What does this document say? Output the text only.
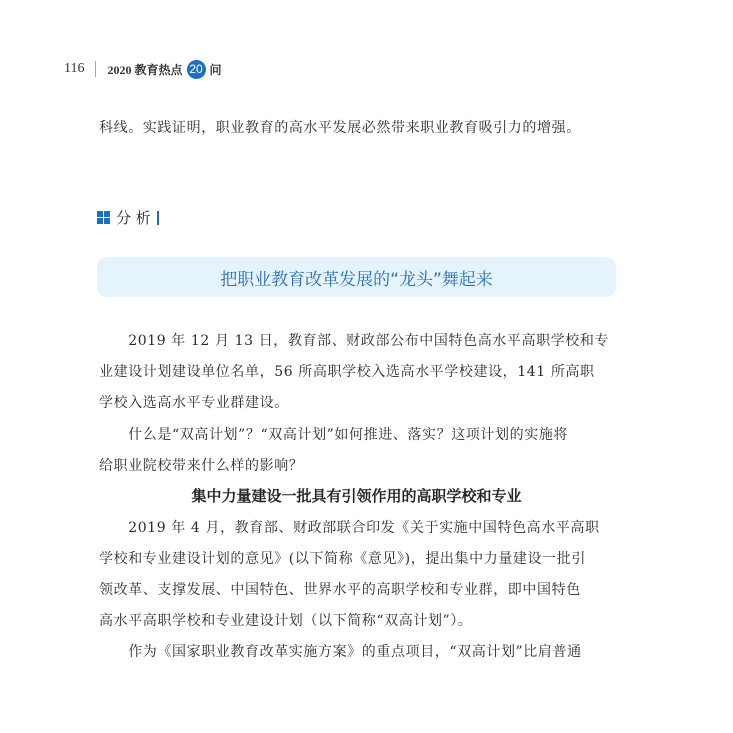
116 2020 教育热点 20 问
科线。实践证明，职业教育的高水平发展必然带来职业教育吸引力的增强。
分 析
把职业教育改革发展的“龙头”舞起来
　　2019 年 12 月 13 日，教育部、财政部公布中国特色高水平高职学校和专
业建设计划建设单位名单，56 所高职学校入选高水平学校建设，141 所高职
学校入选高水平专业群建设。
　　什么是“双高计划”？“双高计划”如何推进、落实？这项计划的实施将
给职业院校带来什么样的影响？
集中力量建设一批具有引领作用的高职学校和专业
　　2019 年 4 月，教育部、财政部联合印发《关于实施中国特色高水平高职
学校和专业建设计划的意见》(以下简称《意见》)，提出集中力量建设一批引
领改革、支撑发展、中国特色、世界水平的高职学校和专业群，即中国特色
高水平高职学校和专业建设计划（以下简称“双高计划”）。
　　作为《国家职业教育改革实施方案》的重点项目，“双高计划”比肩普通
